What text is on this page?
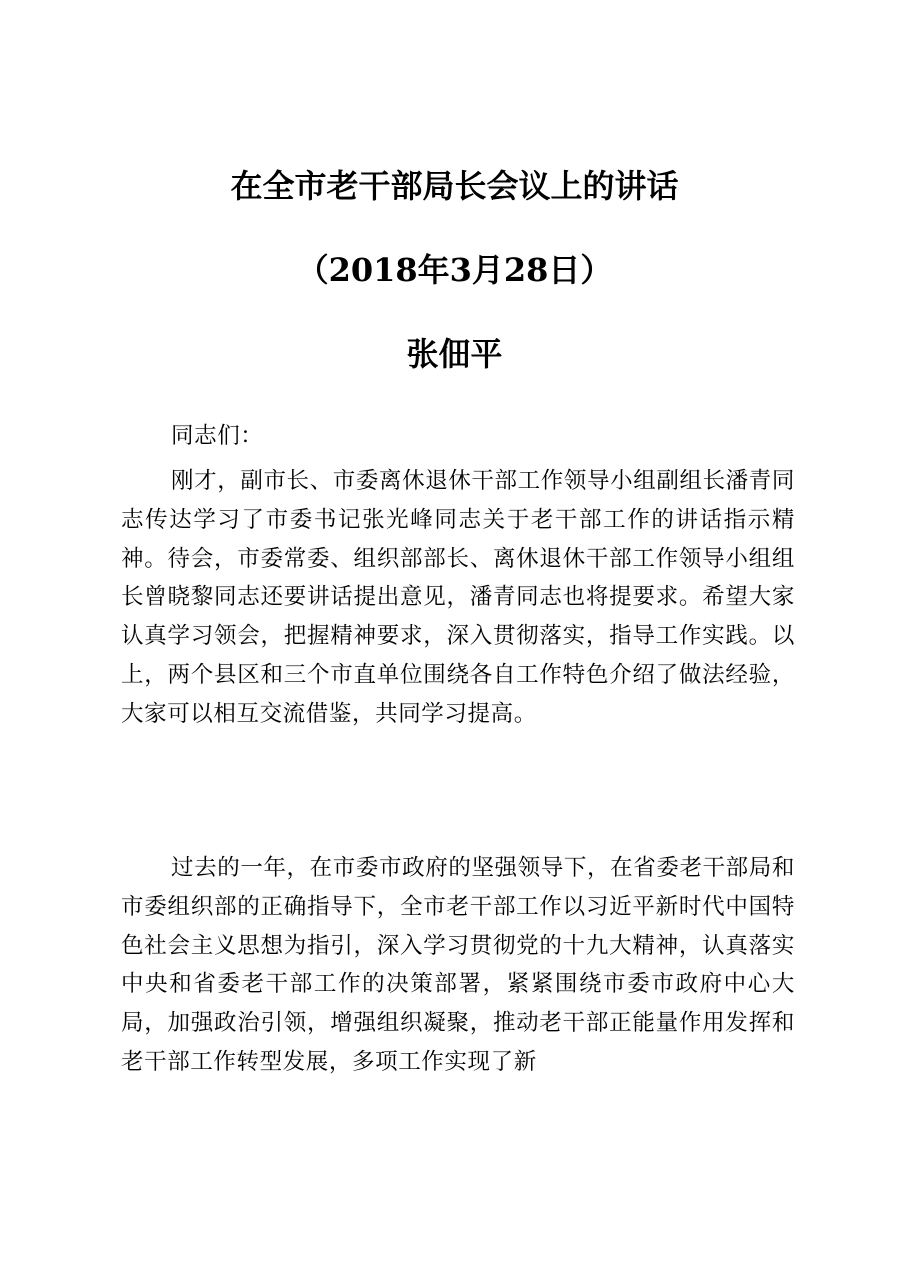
在全市老干部局长会议上的讲话
（2018年3月28日）
张佃平

同志们：

刚才，副市长、市委离休退休干部工作领导小组副组长潘青同志传达学习了市委书记张光峰同志关于老干部工作的讲话指示精神。待会，市委常委、组织部部长、离休退休干部工作领导小组组长曾晓黎同志还要讲话提出意见，潘青同志也将提要求。希望大家认真学习领会，把握精神要求，深入贯彻落实，指导工作实践。以上，两个县区和三个市直单位围绕各自工作特色介绍了做法经验，大家可以相互交流借鉴，共同学习提高。

过去的一年，在市委市政府的坚强领导下，在省委老干部局和市委组织部的正确指导下，全市老干部工作以习近平新时代中国特色社会主义思想为指引，深入学习贯彻党的十九大精神，认真落实中央和省委老干部工作的决策部署，紧紧围绕市委市政府中心大局，加强政治引领，增强组织凝聚，推动老干部正能量作用发挥和老干部工作转型发展，多项工作实现了新
